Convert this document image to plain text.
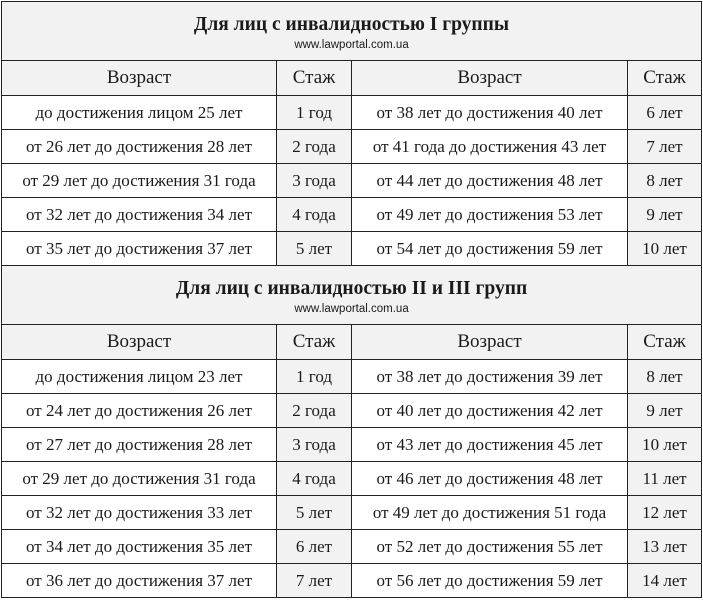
Для лиц с инвалидностью I группы
www.lawportal.com.ua			

Возраст	Стаж	Возраст	Стаж
до достижения лицом 25 лет	1 год	от 38 лет до достижения 40 лет	6 лет
от 26 лет до достижения 28 лет	2 года	от 41 года до достижения 43 лет	7 лет
от 29 лет до достижения 31 года	3 года	от 44 лет до достижения 48 лет	8 лет
от 32 лет до достижения 34 лет	4 года	от 49 лет до достижения 53 лет	9 лет
от 35 лет до достижения 37 лет	5 лет	от 54 лет до достижения 59 лет	10 лет

Для лиц с инвалидностью II и III групп
www.lawportal.com.ua			

Возраст	Стаж	Возраст	Стаж
до достижения лицом 23 лет	1 год	от 38 лет до достижения 39 лет	8 лет
от 24 лет до достижения 26 лет	2 года	от 40 лет до достижения 42 лет	9 лет
от 27 лет до достижения 28 лет	3 года	от 43 лет до достижения 45 лет	10 лет
от 29 лет до достижения 31 года	4 года	от 46 лет до достижения 48 лет	11 лет
от 32 лет до достижения 33 лет	5 лет	от 49 лет до достижения 51 года	12 лет
от 34 лет до достижения 35 лет	6 лет	от 52 лет до достижения 55 лет	13 лет
от 36 лет до достижения 37 лет	7 лет	от 56 лет до достижения 59 лет	14 лет
